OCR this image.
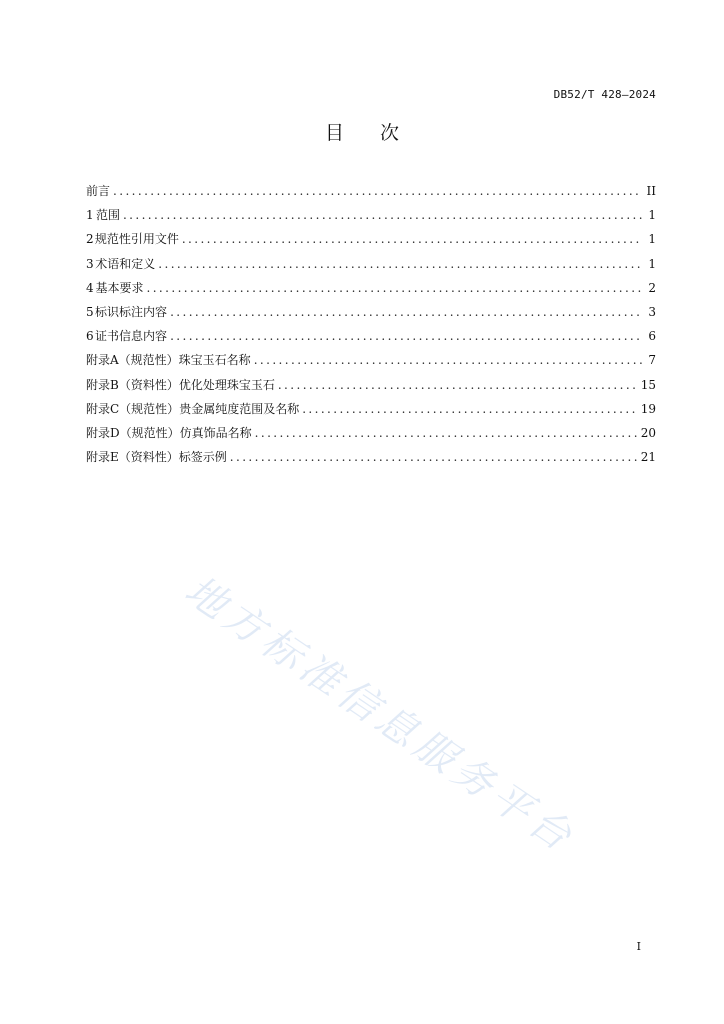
DB52/T 428—2024
目 次
前言 .....	II
1 范围 .....	1
2 规范性引用文件 .....	1
3 术语和定义 .....	1
4 基本要求 .....	2
5 标识标注内容 .....	3
6 证书信息内容 .....	6
附录A（规范性） 珠宝玉石名称 .....	7
附录B（资料性） 优化处理珠宝玉石 .....	15
附录C（规范性） 贵金属纯度范围及名称 .....	19
附录D（规范性） 仿真饰品名称 .....	20
附录E（资料性） 标签示例 .....	21
地方标准信息服务平台
I
